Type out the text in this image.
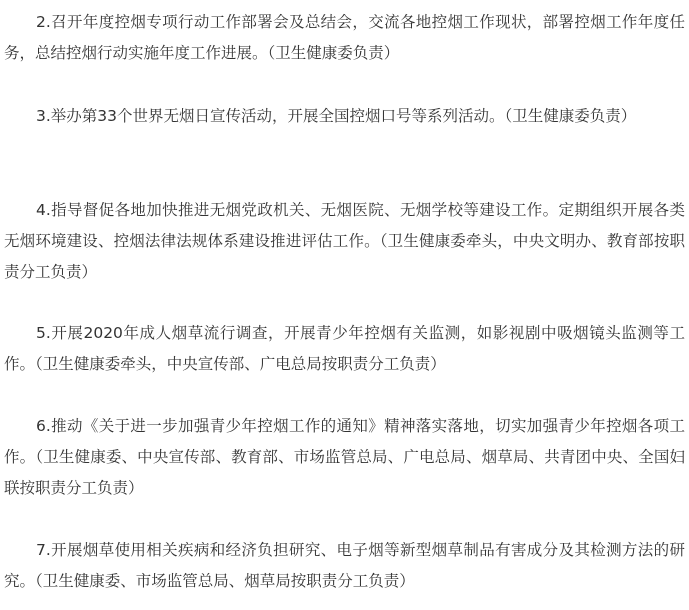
2.召开年度控烟专项行动工作部署会及总结会，交流各地控烟工作现状，部署控烟工作年度任务，总结控烟行动实施年度工作进展。（卫生健康委负责）

3.举办第33个世界无烟日宣传活动，开展全国控烟口号等系列活动。（卫生健康委负责）

4.指导督促各地加快推进无烟党政机关、无烟医院、无烟学校等建设工作。定期组织开展各类无烟环境建设、控烟法律法规体系建设推进评估工作。（卫生健康委牵头，中央文明办、教育部按职责分工负责）

5.开展2020年成人烟草流行调查，开展青少年控烟有关监测，如影视剧中吸烟镜头监测等工作。（卫生健康委牵头，中央宣传部、广电总局按职责分工负责）

6.推动《关于进一步加强青少年控烟工作的通知》精神落实落地，切实加强青少年控烟各项工作。（卫生健康委、中央宣传部、教育部、市场监管总局、广电总局、烟草局、共青团中央、全国妇联按职责分工负责）

7.开展烟草使用相关疾病和经济负担研究、电子烟等新型烟草制品有害成分及其检测方法的研究。（卫生健康委、市场监管总局、烟草局按职责分工负责）
